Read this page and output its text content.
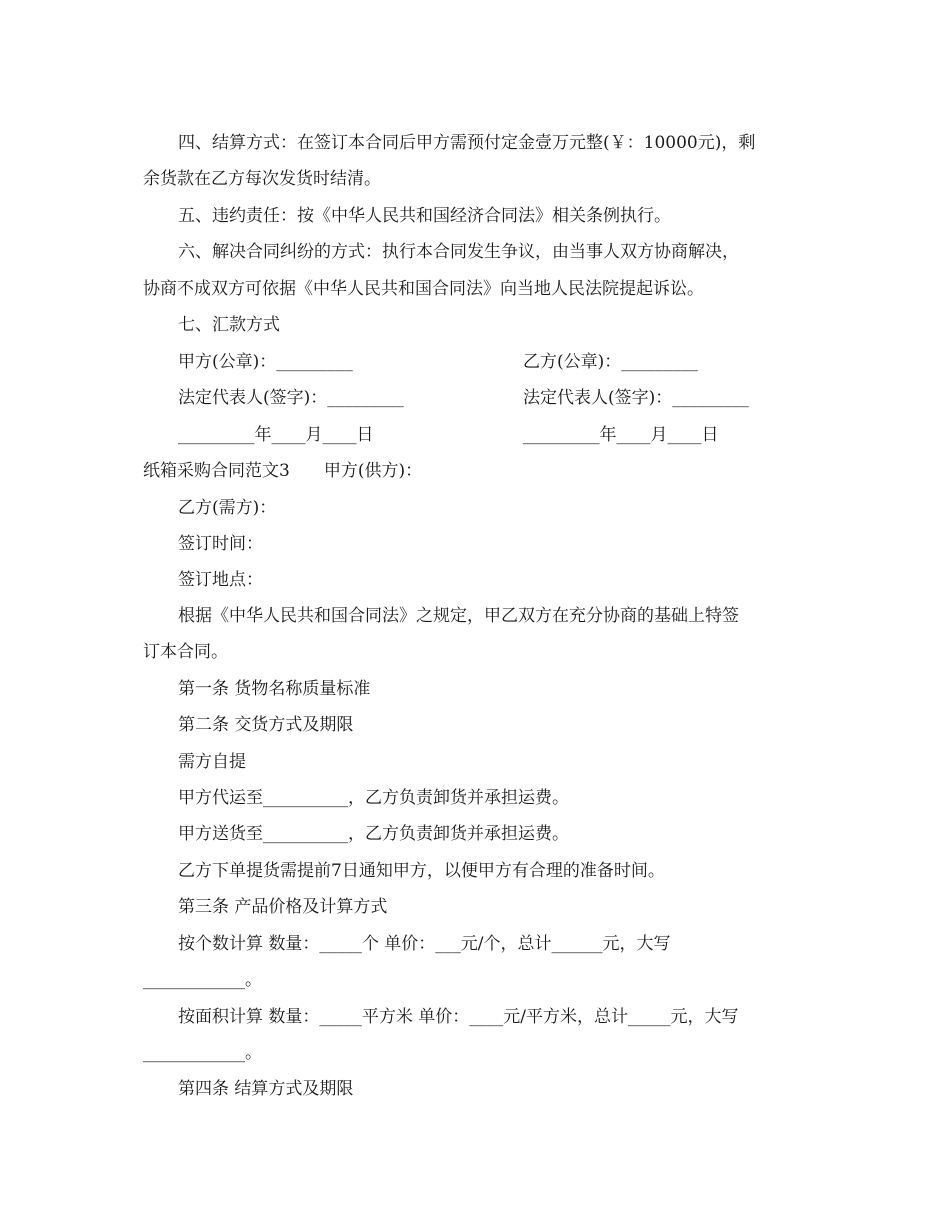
四、结算方式：在签订本合同后甲方需预付定金壹万元整(￥：10000元)，剩
余货款在乙方每次发货时结清。
五、违约责任：按《中华人民共和国经济合同法》相关条例执行。
六、解决合同纠纷的方式：执行本合同发生争议，由当事人双方协商解决，
协商不成双方可依据《中华人民共和国合同法》向当地人民法院提起诉讼。
七、汇款方式
甲方(公章)：_________	乙方(公章)：_________
法定代表人(签字)：_________	法定代表人(签字)：_________
_________年____月____日	_________年____月____日
纸箱采购合同范文3　　甲方(供方)：
乙方(需方)：
签订时间：
签订地点：
根据《中华人民共和国合同法》之规定，甲乙双方在充分协商的基础上特签
订本合同。
第一条 货物名称质量标准
第二条 交货方式及期限
需方自提
甲方代运至__________，乙方负责卸货并承担运费。
甲方送货至__________，乙方负责卸货并承担运费。
乙方下单提货需提前7日通知甲方，以便甲方有合理的准备时间。
第三条 产品价格及计算方式
按个数计算 数量：_____个 单价：___元/个，总计______元，大写
____________。
按面积计算 数量：_____平方米 单价：____元/平方米，总计_____元，大写
____________。
第四条 结算方式及期限
